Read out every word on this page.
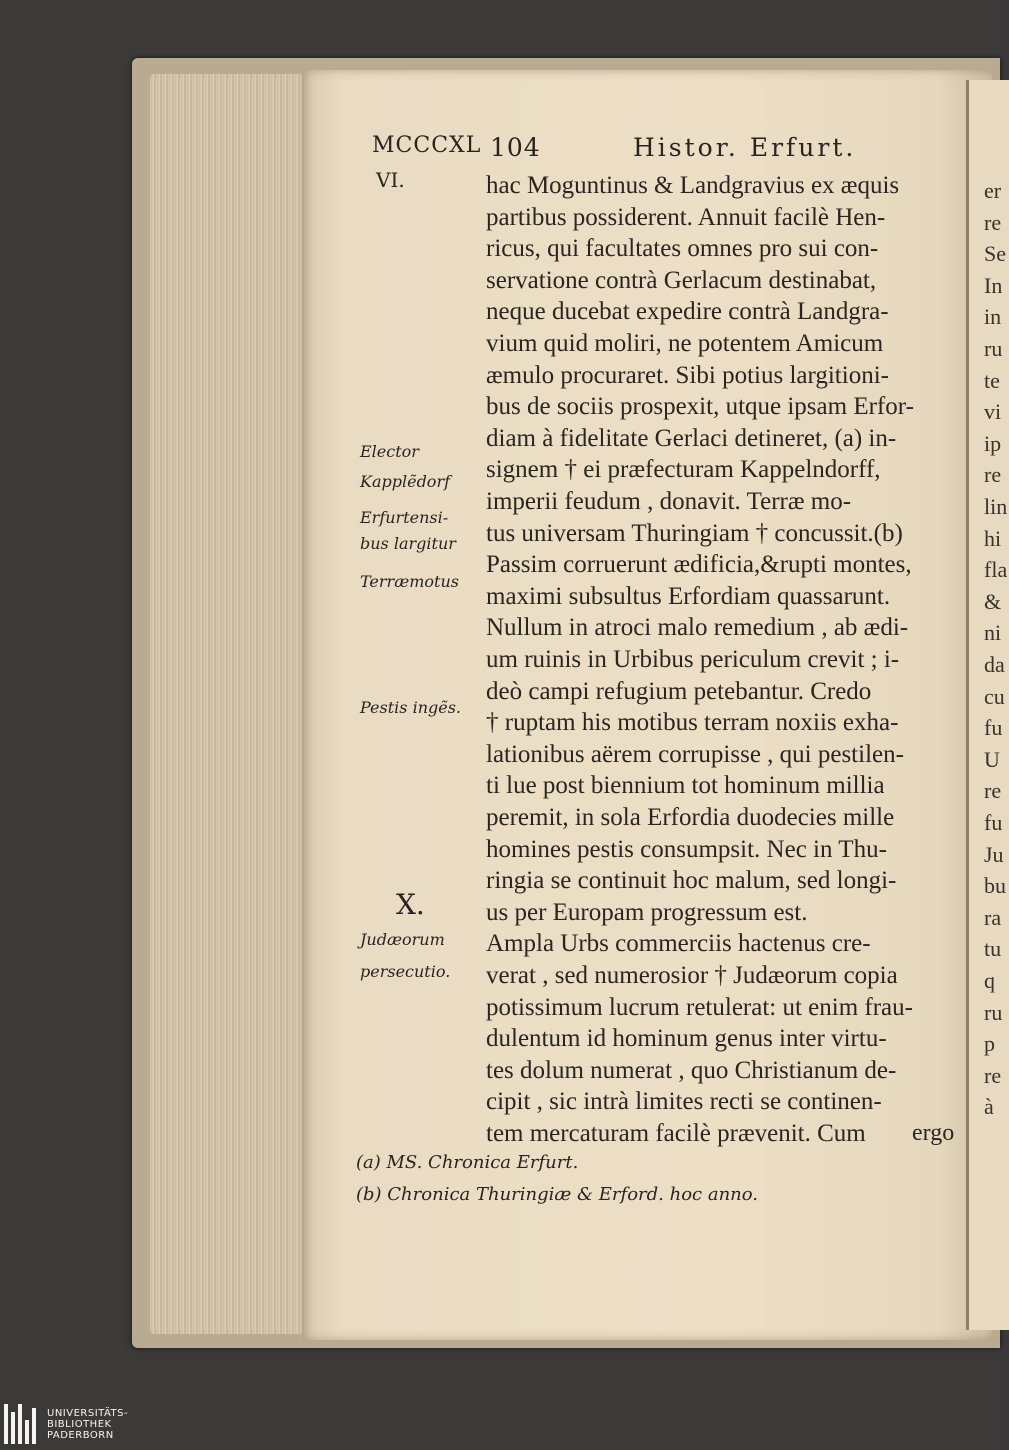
MCCCXL
VI.
104	Histor. Erfurt.
hac Moguntinus & Landgravius ex æquis
partibus possiderent. Annuit facilè Hen-
ricus, qui facultates omnes pro sui con-
servatione contrà Gerlacum destinabat,
neque ducebat expedire contrà Landgra-
vium quid moliri, ne potentem Amicum
æmulo procuraret. Sibi potius largitioni-
bus de sociis prospexit, utque ipsam Erfor-
diam à fidelitate Gerlaci detineret, (a) in-
signem † ei præfecturam Kappelndorff,
imperii feudum , donavit. Terræ mo-
tus universam Thuringiam † concussit.(b)
Passim corruerunt ædificia,&rupti montes,
maximi subsultus Erfordiam quassarunt.
Nullum in atroci malo remedium , ab ædi-
um ruinis in Urbibus periculum crevit ; i-
deò campi refugium petebantur. Credo
† ruptam his motibus terram noxiis exha-
lationibus aërem corrupisse , qui pestilen-
ti lue post biennium tot hominum millia
peremit, in sola Erfordia duodecies mille
homines pestis consumpsit. Nec in Thu-
ringia se continuit hoc malum, sed longi-
us per Europam progressum est.
Ampla Urbs commerciis hactenus cre-
verat , sed numerosior † Judæorum copia
potissimum lucrum retulerat: ut enim frau-
dulentum id hominum genus inter virtu-
tes dolum numerat , quo Christianum de-
cipit , sic intrà limites recti se continen-
tem mercaturam facilè prævenit. Cum
Elector
Kapplẽdorf
Erfurtensi-
bus largitur
Terræmotus
Pestis ingẽs.
Judæorum
persecutio.
X.
ergo
(a) MS. Chronica Erfurt.
(b) Chronica Thuringiæ & Erford. hoc anno.
er
re
Se
In
in
ru
te
vi
ip
re
lin
hi
fla
&
ni
da
cu
fu
U
re
fu
Ju
bu
ra
tu
q
ru
p
re
à
UNIVERSITÄTS-
BIBLIOTHEK
PADERBORN
